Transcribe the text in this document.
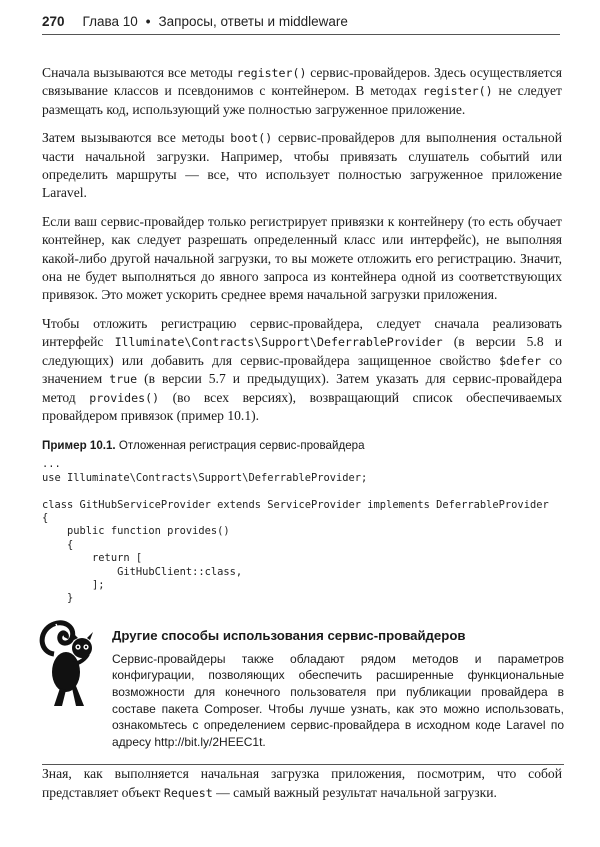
270 Глава 10 • Запросы, ответы и middleware

Сначала вызываются все методы register() сервис-провайдеров. Здесь осуществляется связывание классов и псевдонимов с контейнером. В методах register() не следует размещать код, использующий уже полностью загруженное приложение.

Затем вызываются все методы boot() сервис-провайдеров для выполнения остальной части начальной загрузки. Например, чтобы привязать слушатель событий или определить маршруты — все, что использует полностью загруженное приложение Laravel.

Если ваш сервис-провайдер только регистрирует привязки к контейнеру (то есть обучает контейнер, как следует разрешать определенный класс или интерфейс), не выполняя какой-либо другой начальной загрузки, то вы можете отложить его регистрацию. Значит, она не будет выполняться до явного запроса из контейнера одной из соответствующих привязок. Это может ускорить среднее время начальной загрузки приложения.

Чтобы отложить регистрацию сервис-провайдера, следует сначала реализовать интерфейс Illuminate\Contracts\Support\DeferrableProvider (в версии 5.8 и следующих) или добавить для сервис-провайдера защищенное свойство $defer со значением true (в версии 5.7 и предыдущих). Затем указать для сервис-провайдера метод provides() (во всех версиях), возвращающий список обеспечиваемых провайдером привязок (пример 10.1).

Пример 10.1. Отложенная регистрация сервис-провайдера
...
use Illuminate\Contracts\Support\DeferrableProvider;

class GitHubServiceProvider extends ServiceProvider implements DeferrableProvider
{
public function provides()
{
return [
GitHubClient::class,
];
}
Другие способы использования сервис-провайдеров

Сервис-провайдеры также обладают рядом методов и параметров конфигурации, позволяющих обеспечить расширенные функциональные возможности для конечного пользователя при публикации провайдера в составе пакета Composer. Чтобы лучше узнать, как это можно использовать, ознакомьтесь с определением сервис-провайдера в исходном коде Laravel по адресу http://bit.ly/2HEEC1t.

Зная, как выполняется начальная загрузка приложения, посмотрим, что собой представляет объект Request — самый важный результат начальной загрузки.
